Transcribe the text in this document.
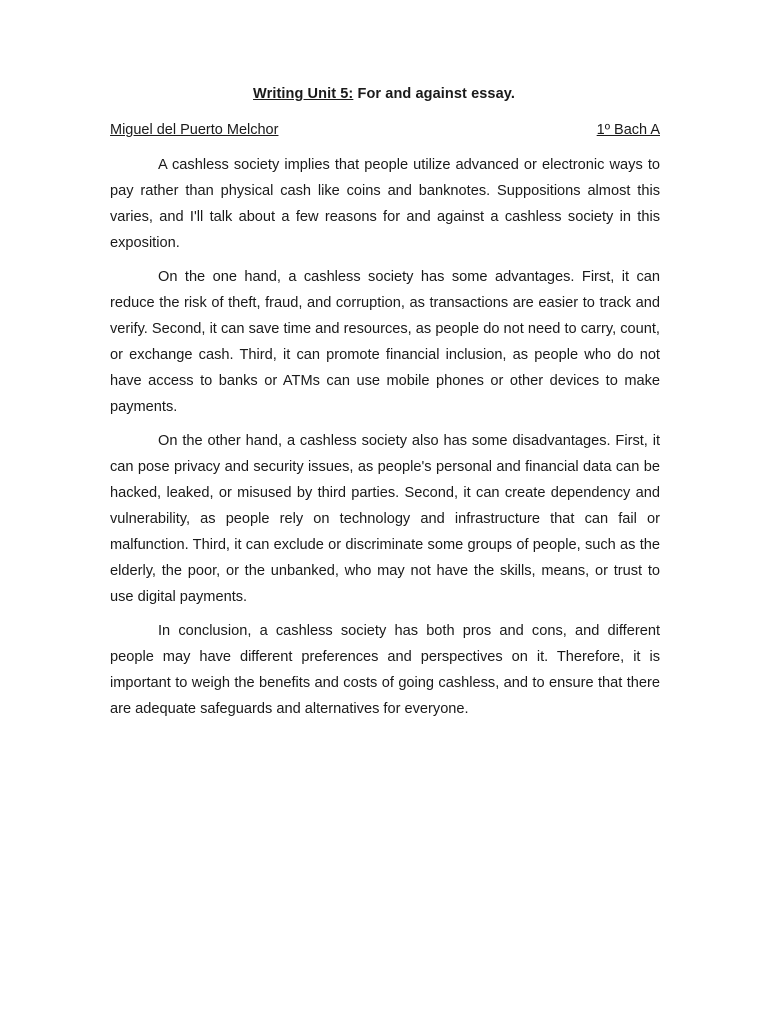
Writing Unit 5: For and against essay.
Miguel del Puerto Melchor	1º Bach A

A cashless society implies that people utilize advanced or electronic ways to pay rather than physical cash like coins and banknotes. Suppositions almost this varies, and I'll talk about a few reasons for and against a cashless society in this exposition.

On the one hand, a cashless society has some advantages. First, it can reduce the risk of theft, fraud, and corruption, as transactions are easier to track and verify. Second, it can save time and resources, as people do not need to carry, count, or exchange cash. Third, it can promote financial inclusion, as people who do not have access to banks or ATMs can use mobile phones or other devices to make payments.

On the other hand, a cashless society also has some disadvantages. First, it can pose privacy and security issues, as people's personal and financial data can be hacked, leaked, or misused by third parties. Second, it can create dependency and vulnerability, as people rely on technology and infrastructure that can fail or malfunction. Third, it can exclude or discriminate some groups of people, such as the elderly, the poor, or the unbanked, who may not have the skills, means, or trust to use digital payments.

In conclusion, a cashless society has both pros and cons, and different people may have different preferences and perspectives on it. Therefore, it is important to weigh the benefits and costs of going cashless, and to ensure that there are adequate safeguards and alternatives for everyone.
